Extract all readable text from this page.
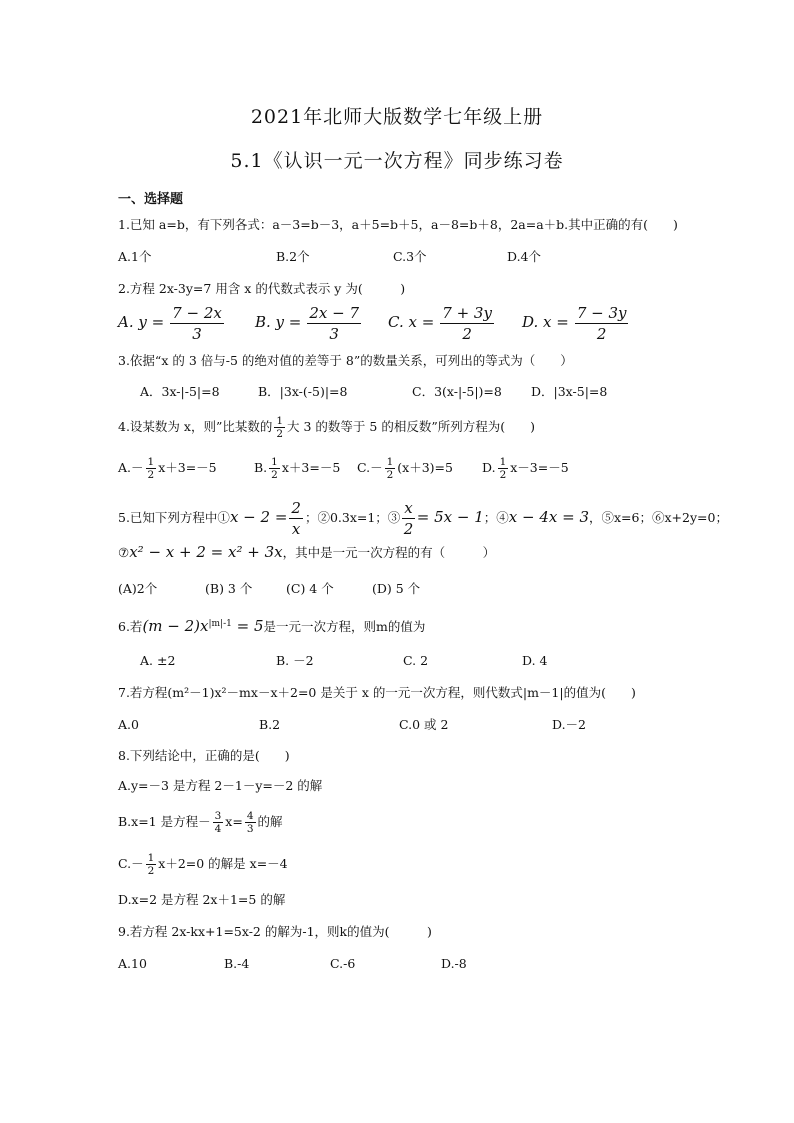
2021年北师大版数学七年级上册
5.1《认识一元一次方程》同步练习卷
一、选择题
1.已知 a=b，有下列各式：a－3=b－3，a＋5=b＋5，a－8=b＋8，2a=a＋b.其中正确的有(　　)
A.1个	B.2个	C.3个	D.4个
2.方程 2x-3y=7 用含 x 的代数式表示 y 为(　　　)
A. $y = \frac{7 - 2x}{3} B$. $y = \frac{2x - 7}{3} C$. $x = \frac{7 + 3y}{2} D$. $x = \frac{7 - 3y}{2}$
3.依据“x 的 3 倍与-5 的绝对值的差等于 8”的数量关系，可列出的等式为（　　）
A．3x-|-5|=8	B．|3x-(-5)|=8	C．3(x-|-5|)=8 D．|3x-5|=8
4.设某数为 x，则”比某数的 $\frac{1}{2}$ 大 3 的数等于 5 的相反数”所列方程为(　　)
$A.- \frac{1}{2} x+3=-5$	B. $\frac{1}{2} x+3=-5$ $C.- \frac{1}{2} (x+3)=5$ D. $\frac{1}{2} x-3=-5$
5.已知下列方程中①x − $2 = \frac{2}{x}$ ；②0.3x=1；③ $\frac{x}{2} = 5x - 1$；④x − 4x = 3，⑤x=6；⑥x+2y=0；
⑦x² − x + 2 = x² + 3x，其中是一元一次方程的有（　　　）
(A)2个	(B) 3 个	(C) 4 个	(D) 5 个
6.若$(m - 2)x^{|m|-1} = 5$是一元一次方程，则m的值为
A. ±2	B. －2	C. 2	D. 4
7.若方程(m²－1)x²－mx－x＋2=0 是关于 x 的一元一次方程，则代数式|m－1|的值为(　　)
A.0	B.2	C.0 或 2	D.－2
8.下列结论中，正确的是(　　)
A.y=－3 是方程 2－1－y=－2 的解
B.x=1 是方程－ $\frac{3}{4} x= \frac{4}{3}$ 的解
$C.- \frac{1}{2} x+2=0$ 的解是 x=－4
D.x=2 是方程 2x＋1=5 的解
9.若方程 2x-kx+1=5x-2 的解为-1，则k的值为(　　　)
A.10	B.-4	C.-6	D.-8
